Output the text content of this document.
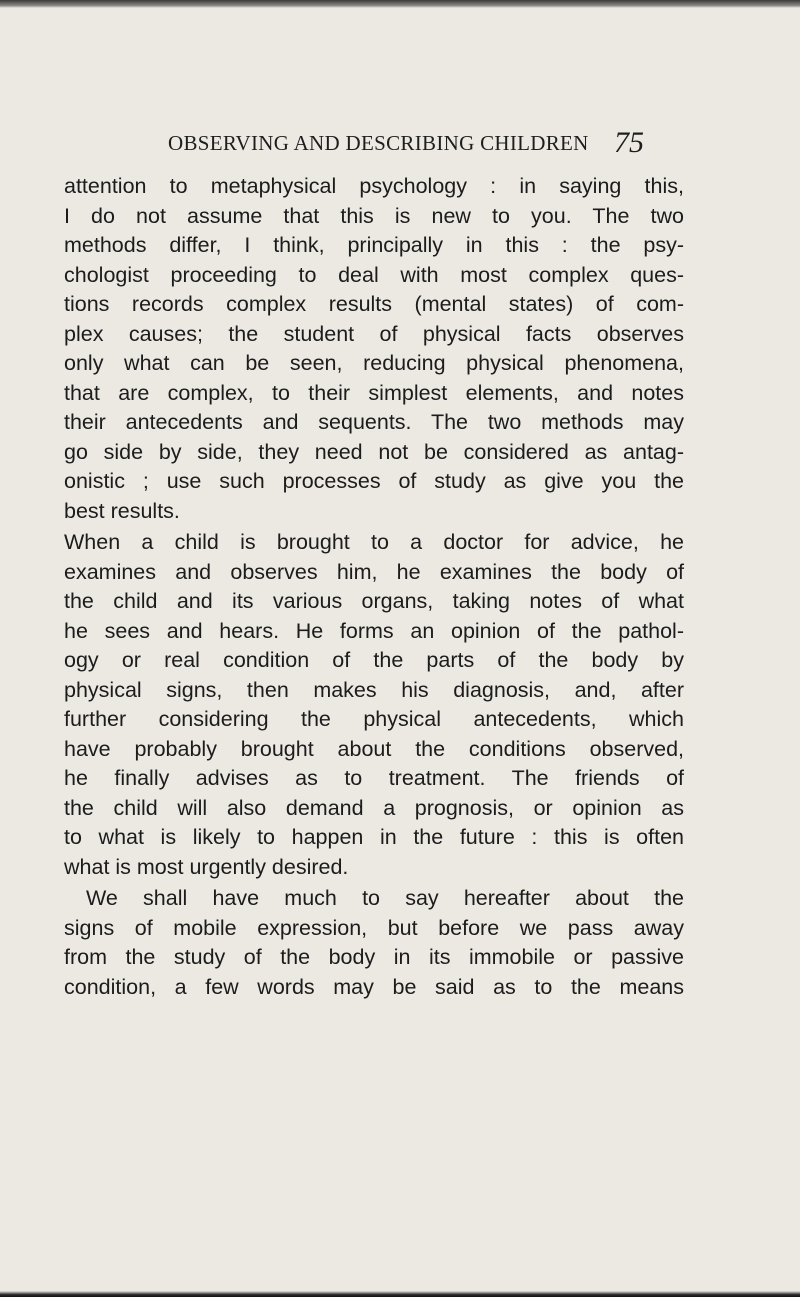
OBSERVING AND DESCRIBING CHILDREN 75
attention to metaphysical psychology : in saying this,
I do not assume that this is new to you. The two
methods differ, I think, principally in this : the psy-
chologist proceeding to deal with most complex ques-
tions records complex results (mental states) of com-
plex causes; the student of physical facts observes
only what can be seen, reducing physical phenomena,
that are complex, to their simplest elements, and notes
their antecedents and sequents. The two methods may
go side by side, they need not be considered as antag-
onistic ; use such processes of study as give you the
best results.
When a child is brought to a doctor for advice, he
examines and observes him, he examines the body of
the child and its various organs, taking notes of what
he sees and hears. He forms an opinion of the pathol-
ogy or real condition of the parts of the body by
physical signs, then makes his diagnosis, and, after
further considering the physical antecedents, which
have probably brought about the conditions observed,
he finally advises as to treatment. The friends of
the child will also demand a prognosis, or opinion as
to what is likely to happen in the future : this is often
what is most urgently desired.
We shall have much to say hereafter about the
signs of mobile expression, but before we pass away
from the study of the body in its immobile or passive
condition, a few words may be said as to the means
